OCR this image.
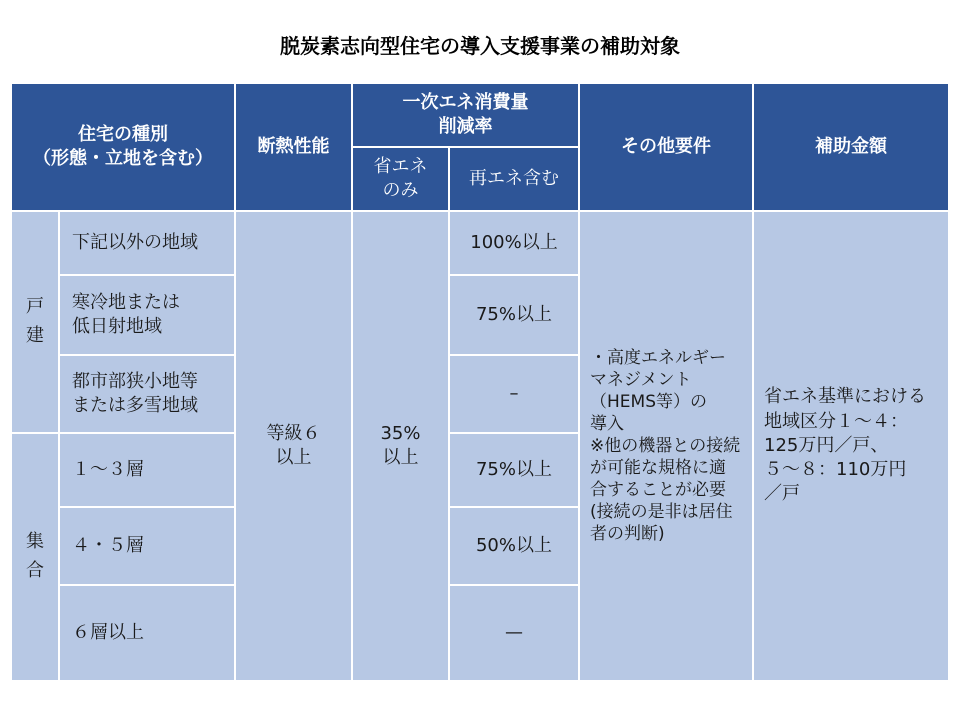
脱炭素志向型住宅の導入支援事業の補助対象
住宅の種別
（形態・立地を含む）
断熱性能
一次エネ消費量
削減率
省エネ
のみ
再エネ含む
その他要件	補助金額
戸
建
集
合
下記以外の地域
寒冷地または
低日射地域
都市部狭小地等
または多雪地域
１～３層
４・５層
６層以上
等級６
以上
35%
以上
100%以上
75%以上
–
75%以上
50%以上
—
・高度エネルギー
マネジメント
（HEMS等）の
導入
※他の機器との接続
が可能な規格に適
合することが必要
(接続の是非は居住
者の判断)
省エネ基準における
地域区分１～４：
125万円／戸、
５～８：110万円
／戸
